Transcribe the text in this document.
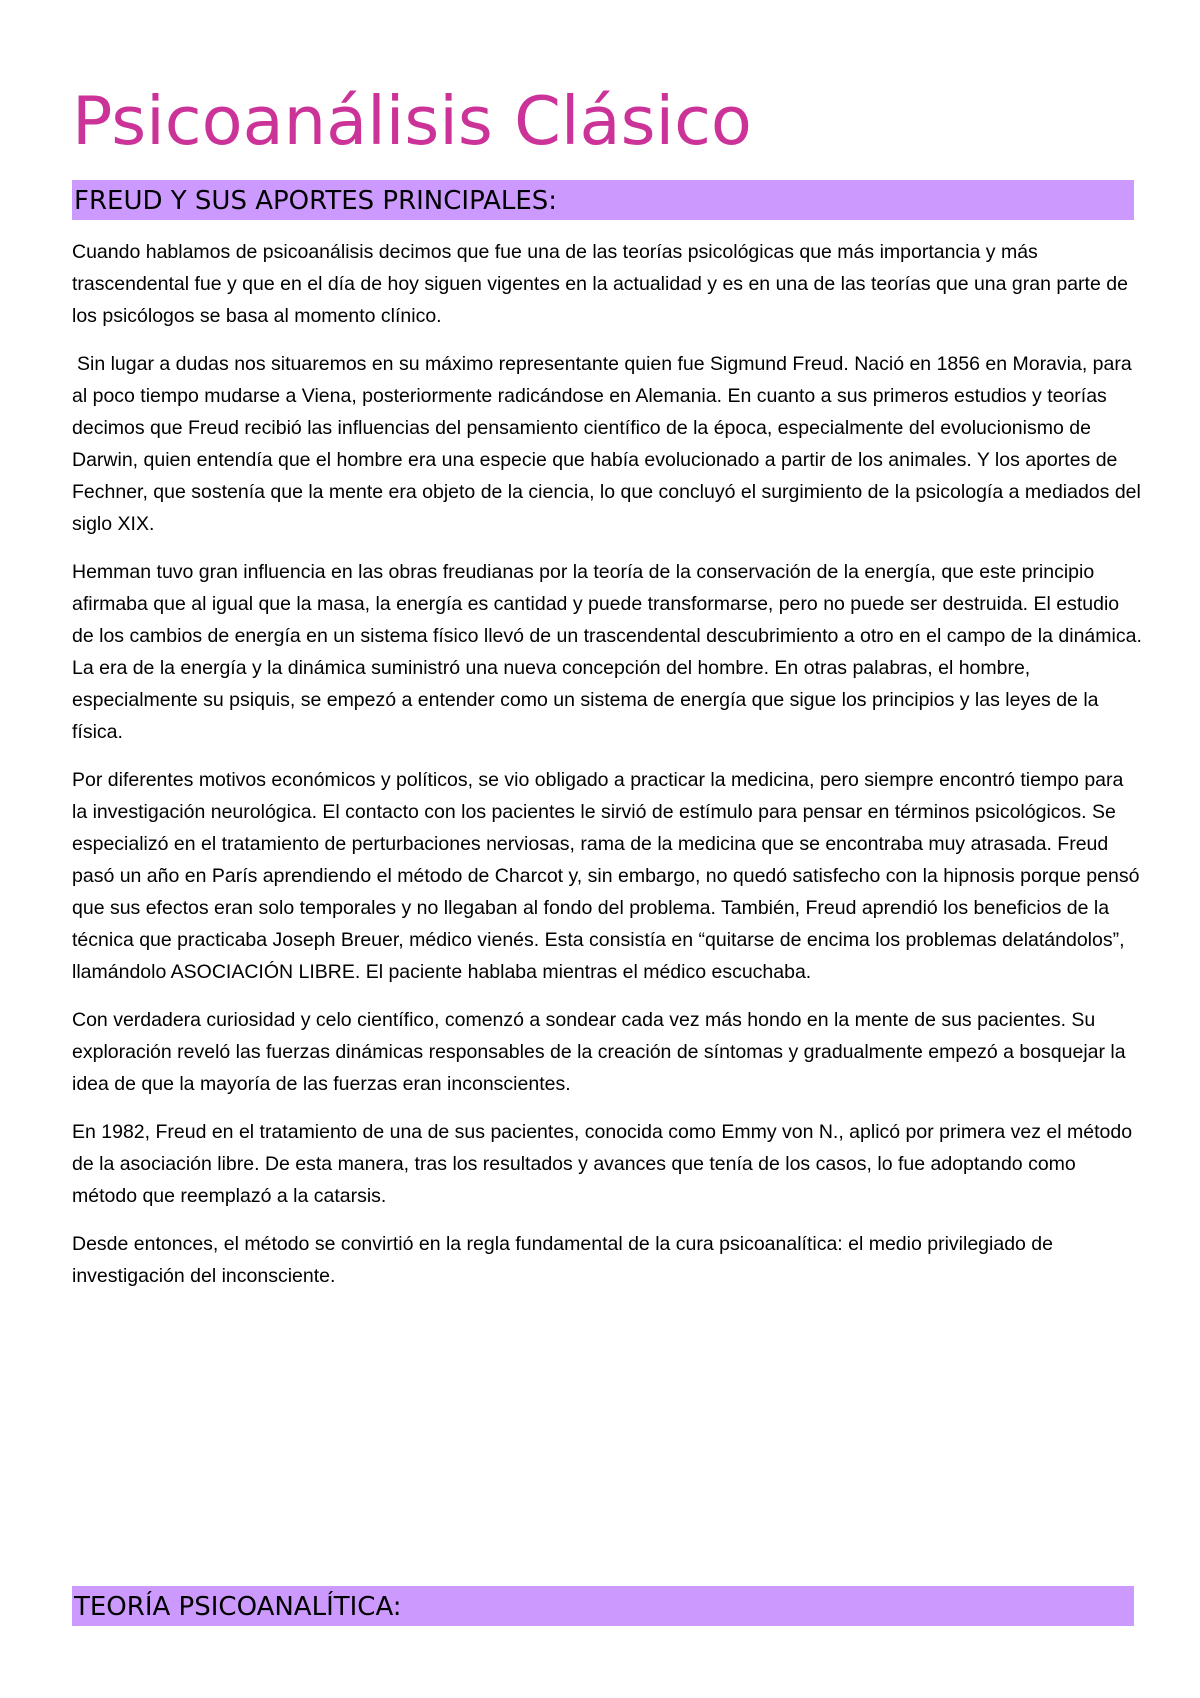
Psicoanálisis Clásico
FREUD Y SUS APORTES PRINCIPALES:

Cuando hablamos de psicoanálisis decimos que fue una de las teorías psicológicas que más importancia y más trascendental fue y que en el día de hoy siguen vigentes en la actualidad y es en una de las teorías que una gran parte de los psicólogos se basa al momento clínico.

Sin lugar a dudas nos situaremos en su máximo representante quien fue Sigmund Freud. Nació en 1856 en Moravia, para al poco tiempo mudarse a Viena, posteriormente radicándose en Alemania. En cuanto a sus primeros estudios y teorías decimos que Freud recibió las influencias del pensamiento científico de la época, especialmente del evolucionismo de Darwin, quien entendía que el hombre era una especie que había evolucionado a partir de los animales. Y los aportes de Fechner, que sostenía que la mente era objeto de la ciencia, lo que concluyó el surgimiento de la psicología a mediados del siglo XIX.

Hemman tuvo gran influencia en las obras freudianas por la teoría de la conservación de la energía, que este principio afirmaba que al igual que la masa, la energía es cantidad y puede transformarse, pero no puede ser destruida. El estudio de los cambios de energía en un sistema físico llevó de un trascendental descubrimiento a otro en el campo de la dinámica. La era de la energía y la dinámica suministró una nueva concepción del hombre. En otras palabras, el hombre, especialmente su psiquis, se empezó a entender como un sistema de energía que sigue los principios y las leyes de la física.

Por diferentes motivos económicos y políticos, se vio obligado a practicar la medicina, pero siempre encontró tiempo para la investigación neurológica. El contacto con los pacientes le sirvió de estímulo para pensar en términos psicológicos. Se especializó en el tratamiento de perturbaciones nerviosas, rama de la medicina que se encontraba muy atrasada. Freud pasó un año en París aprendiendo el método de Charcot y, sin embargo, no quedó satisfecho con la hipnosis porque pensó que sus efectos eran solo temporales y no llegaban al fondo del problema. También, Freud aprendió los beneficios de la técnica que practicaba Joseph Breuer, médico vienés. Esta consistía en “quitarse de encima los problemas delatándolos”, llamándolo ASOCIACIÓN LIBRE. El paciente hablaba mientras el médico escuchaba.

Con verdadera curiosidad y celo científico, comenzó a sondear cada vez más hondo en la mente de sus pacientes. Su exploración reveló las fuerzas dinámicas responsables de la creación de síntomas y gradualmente empezó a bosquejar la idea de que la mayoría de las fuerzas eran inconscientes.

En 1982, Freud en el tratamiento de una de sus pacientes, conocida como Emmy von N., aplicó por primera vez el método de la asociación libre. De esta manera, tras los resultados y avances que tenía de los casos, lo fue adoptando como método que reemplazó a la catarsis.

Desde entonces, el método se convirtió en la regla fundamental de la cura psicoanalítica: el medio privilegiado de investigación del inconsciente.

TEORÍA PSICOANALÍTICA:
